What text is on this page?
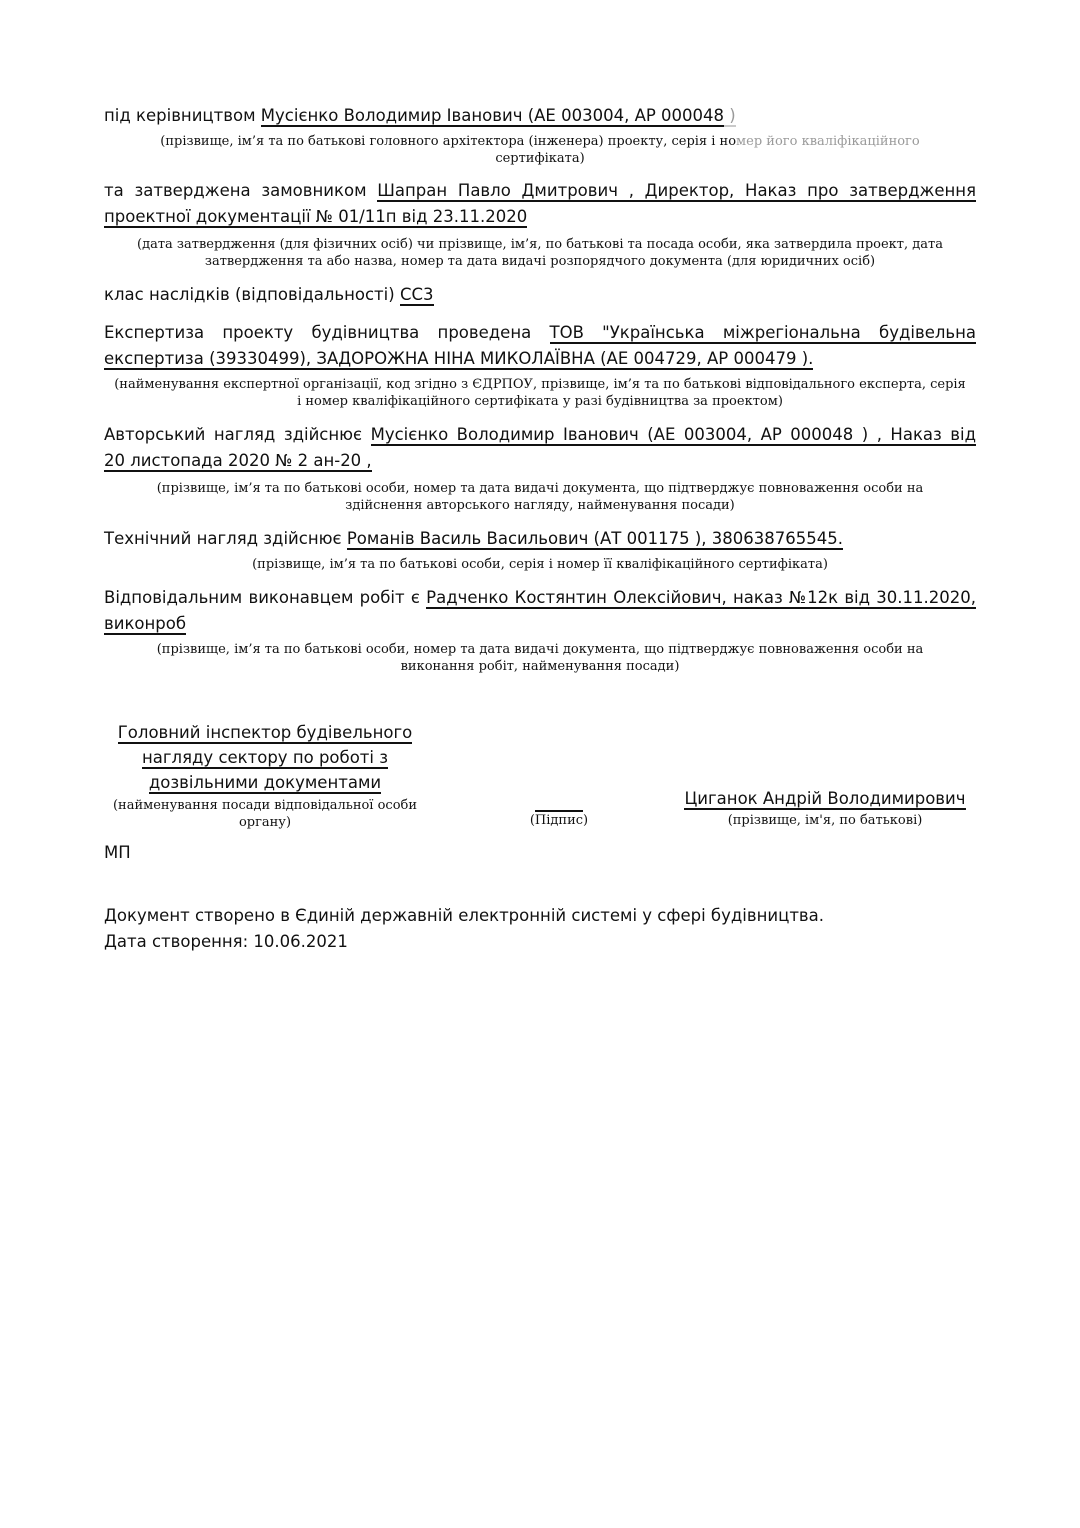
під керівництвом Мусієнко Володимир Іванович (АЕ 003004, АР 000048 )
(прізвище, ім’я та по батькові головного архітектора (інженера) проекту, серія і номер його кваліфікаційного
сертифіката)
та затверджена замовником Шапран Павло Дмитрович , Директор, Наказ про затвердження
проектної документації № 01/11п від 23.11.2020
(дата затвердження (для фізичних осіб) чи прізвище, ім’я, по батькові та посада особи, яка затвердила проект, дата затвердження та або назва, номер та дата видачі розпорядчого документа (для юридичних осіб)
клас наслідків (відповідальності) СС3
Експертиза проекту будівництва проведена ТОВ "Українська міжрегіональна будівельна
експертиза (39330499), ЗАДОРОЖНА НІНА МИКОЛАЇВНА (АЕ 004729, АР 000479 ).
(найменування експертної організації, код згідно з ЄДРПОУ, прізвище, ім’я та по батькові відповідального експерта, серія і номер кваліфікаційного сертифіката у разі будівництва за проектом)
Авторський нагляд здійснює Мусієнко Володимир Іванович (АЕ 003004, АР 000048 ) , Наказ від
20 листопада 2020 № 2 ан-20 ,
(прізвище, ім’я та по батькові особи, номер та дата видачі документа, що підтверджує повноваження особи на здійснення авторського нагляду, найменування посади)
Технічний нагляд здійснює Романів Василь Васильович (АТ 001175 ), 380638765545.
(прізвище, ім’я та по батькові особи, серія і номер її кваліфікаційного сертифіката)
Відповідальним виконавцем робіт є Радченко Костянтин Олексійович, наказ №12к від 30.11.2020,
виконроб
(прізвище, ім’я та по батькові особи, номер та дата видачі документа, що підтверджує повноваження особи на виконання робіт, найменування посади)
Головний інспектор будівельного
нагляду сектору по роботі з
дозвільними документами
(найменування посади відповідальної особи органу)	(Підпис)
Циганок Андрій Володимирович
(прізвище, ім'я, по батькові)
МП
Документ створено в Єдиній державній електронній системі у сфері будівництва.
Дата створення: 10.06.2021
